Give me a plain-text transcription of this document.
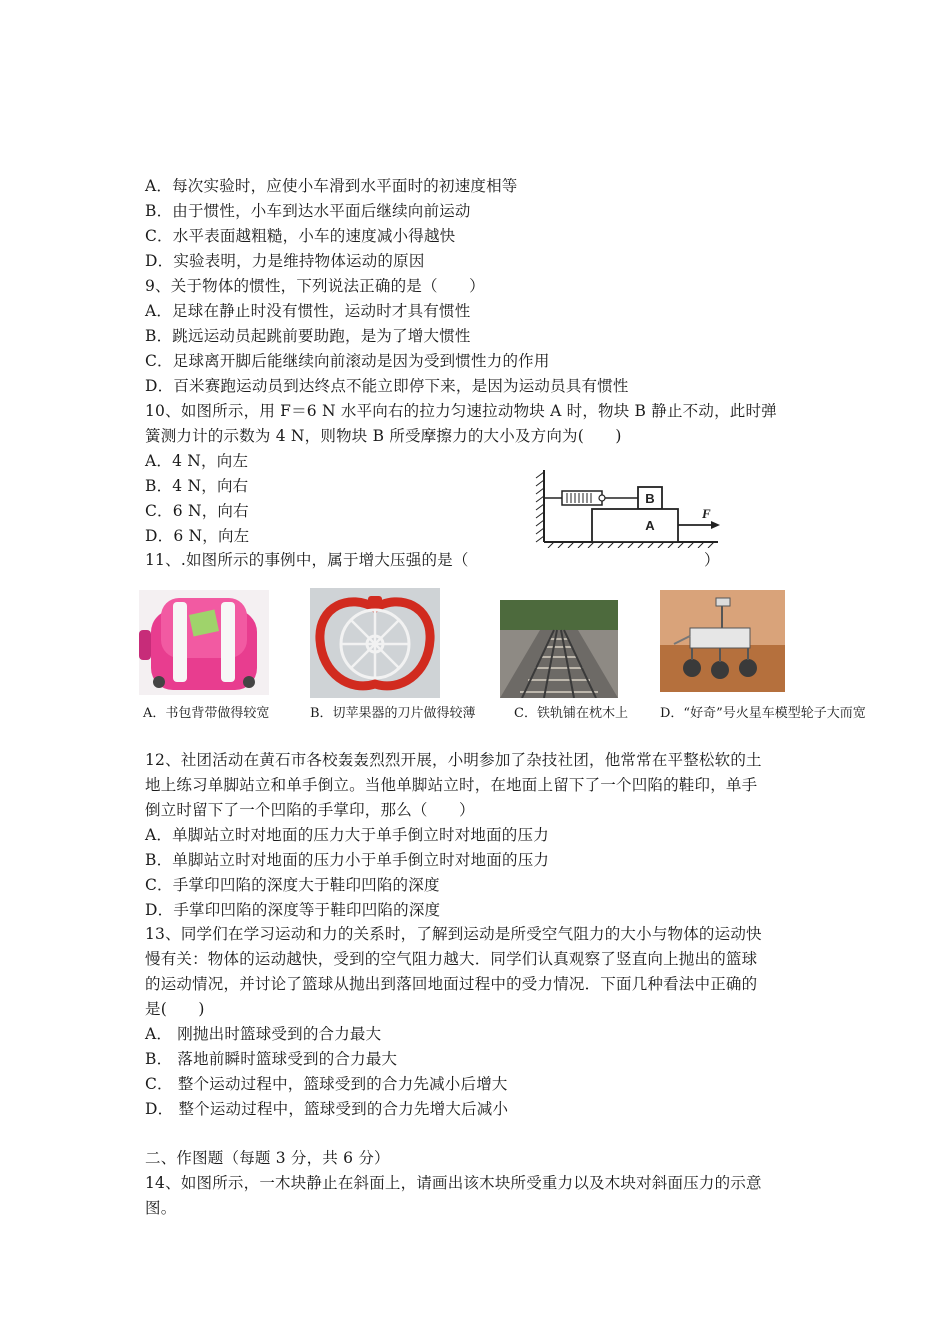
A．每次实验时，应使小车滑到水平面时的初速度相等
B．由于惯性，小车到达水平面后继续向前运动
C．水平表面越粗糙，小车的速度减小得越快
D．实验表明，力是维持物体运动的原因
9、关于物体的惯性，下列说法正确的是（　　）
A．足球在静止时没有惯性，运动时才具有惯性
B．跳远运动员起跳前要助跑，是为了增大惯性
C．足球离开脚后能继续向前滚动是因为受到惯性力的作用
D．百米赛跑运动员到达终点不能立即停下来，是因为运动员具有惯性
10、如图所示，用 F＝6 N 水平向右的拉力匀速拉动物块 A 时，物块 B 静止不动，此时弹
簧测力计的示数为 4 N，则物块 B 所受摩擦力的大小及方向为(　　)
A．4 N，向左
B．4 N，向右
C．6 N，向右
D．6 N，向左
11、.如图所示的事例中，属于增大压强的是（　　　　　　　　　　　　　　　）
B
A
F
A．书包背带做得较宽	B．切苹果器的刀片做得较薄	C．铁轨铺在枕木上 D．“好奇”号火星车模型轮子大而宽
12、社团活动在黄石市各校轰轰烈烈开展，小明参加了杂技社团，他常常在平整松软的土
地上练习单脚站立和单手倒立。当他单脚站立时，在地面上留下了一个凹陷的鞋印，单手
倒立时留下了一个凹陷的手掌印，那么（　　）
A．单脚站立时对地面的压力大于单手倒立时对地面的压力
B．单脚站立时对地面的压力小于单手倒立时对地面的压力
C．手掌印凹陷的深度大于鞋印凹陷的深度
D．手掌印凹陷的深度等于鞋印凹陷的深度
13、同学们在学习运动和力的关系时，了解到运动是所受空气阻力的大小与物体的运动快
慢有关：物体的运动越快，受到的空气阻力越大．同学们认真观察了竖直向上抛出的篮球
的运动情况，并讨论了篮球从抛出到落回地面过程中的受力情况．下面几种看法中正确的
是(　　)
A． 刚抛出时篮球受到的合力最大
B． 落地前瞬时篮球受到的合力最大
C． 整个运动过程中，篮球受到的合力先减小后增大
D． 整个运动过程中，篮球受到的合力先增大后减小
二、作图题（每题 3 分，共 6 分）
14、如图所示，一木块静止在斜面上，请画出该木块所受重力以及木块对斜面压力的示意
图。
